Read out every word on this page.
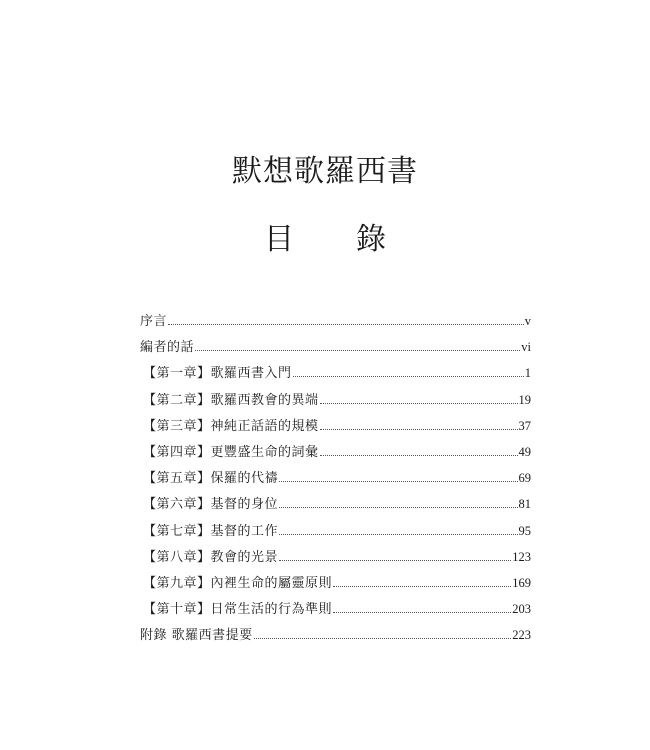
默想歌羅西書
目 錄
序言	v
編者的話	vi
【第一章】歌羅西書入門	1
【第二章】歌羅西教會的異端	19
【第三章】神純正話語的規模	37
【第四章】更豐盛生命的詞彙	49
【第五章】保羅的代禱	69
【第六章】基督的身位	81
【第七章】基督的工作	95
【第八章】教會的光景	123
【第九章】內裡生命的屬靈原則	169
【第十章】日常生活的行為準則	203
附錄 歌羅西書提要	223
